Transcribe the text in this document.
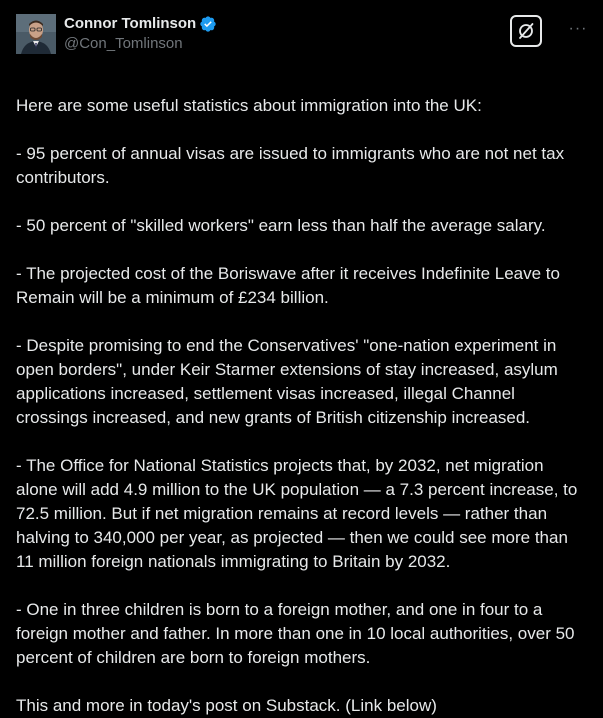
Connor Tomlinson
@Con_Tomlinson
···
Here are some useful statistics about immigration into the UK:
- 95 percent of annual visas are issued to immigrants who are not net tax contributors.
- 50 percent of "skilled workers" earn less than half the average salary.
- The projected cost of the Boriswave after it receives Indefinite Leave to Remain will be a minimum of £234 billion.
- Despite promising to end the Conservatives' "one-nation experiment in open borders", under Keir Starmer extensions of stay increased, asylum applications increased, settlement visas increased, illegal Channel crossings increased, and new grants of British citizenship increased.
- The Office for National Statistics projects that, by 2032, net migration alone will add 4.9 million to the UK population — a 7.3 percent increase, to 72.5 million. But if net migration remains at record levels — rather than halving to 340,000 per year, as projected — then we could see more than 11 million foreign nationals immigrating to Britain by 2032.
- One in three children is born to a foreign mother, and one in four to a foreign mother and father. In more than one in 10 local authorities, over 50 percent of children are born to foreign mothers.
This and more in today's post on Substack. (Link below)
